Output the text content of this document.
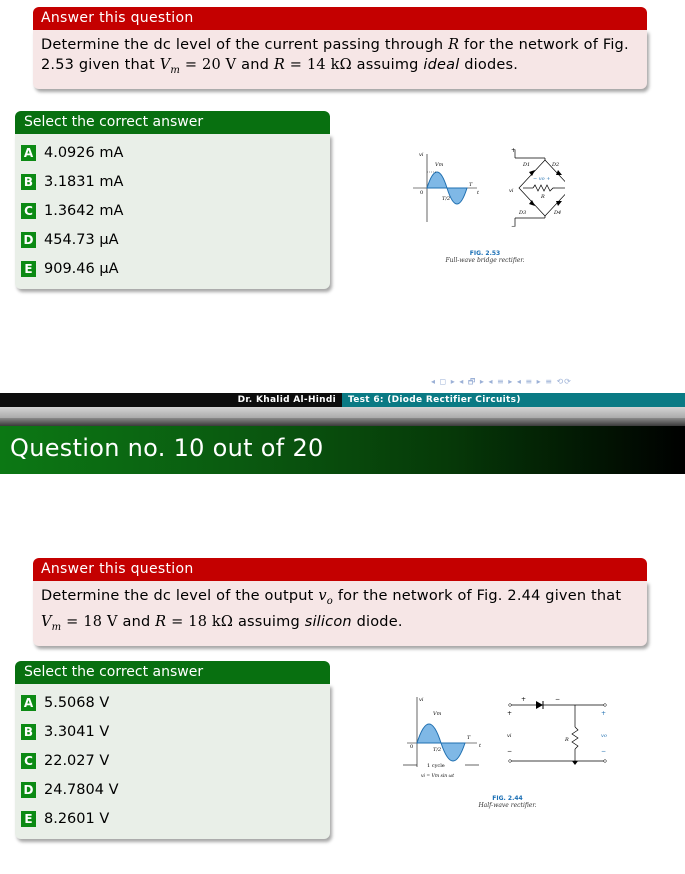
Answer this question
Determine the dc level of the current passing through R for the network of Fig. 2.53 given that $V_m = 20$ V and R = 14 kΩ assuimg ideal diodes.
Select the correct answer
A 4.0926 mA
B 3.1831 mA
C 1.3642 mA
D 454.73 μA
E 909.46 μA
vi
Vm
0
T/2
T
t
+
−
vi
D1	D2
D3	D4
R
− vo +
FIG. 2.53
Full-wave bridge rectifier.
◂ ◻ ▸ ◂ 🗗 ▸ ◂ ≡ ▸ ◂ ≡ ▸ ≡ ⟲⟳
Dr. Khalid Al-Hindi	Test 6: (Diode Rectifier Circuits)
Question no. 10 out of 20
Answer this question
Determine the dc level of the output $v_o$ for the network of Fig. 2.44 given that $V_m = 18$ V and R = 18 kΩ assuimg silicon diode.
Select the correct answer
A 5.5068 V
B 3.3041 V
C 22.027 V
D 24.7804 V
E 8.2601 V
vi
Vm
0	T/2
T
t
1 cycle
vi = Vm sin ωt
+
−
vi
+	−
R
+
−
vo
FIG. 2.44
Half-wave rectifier.
